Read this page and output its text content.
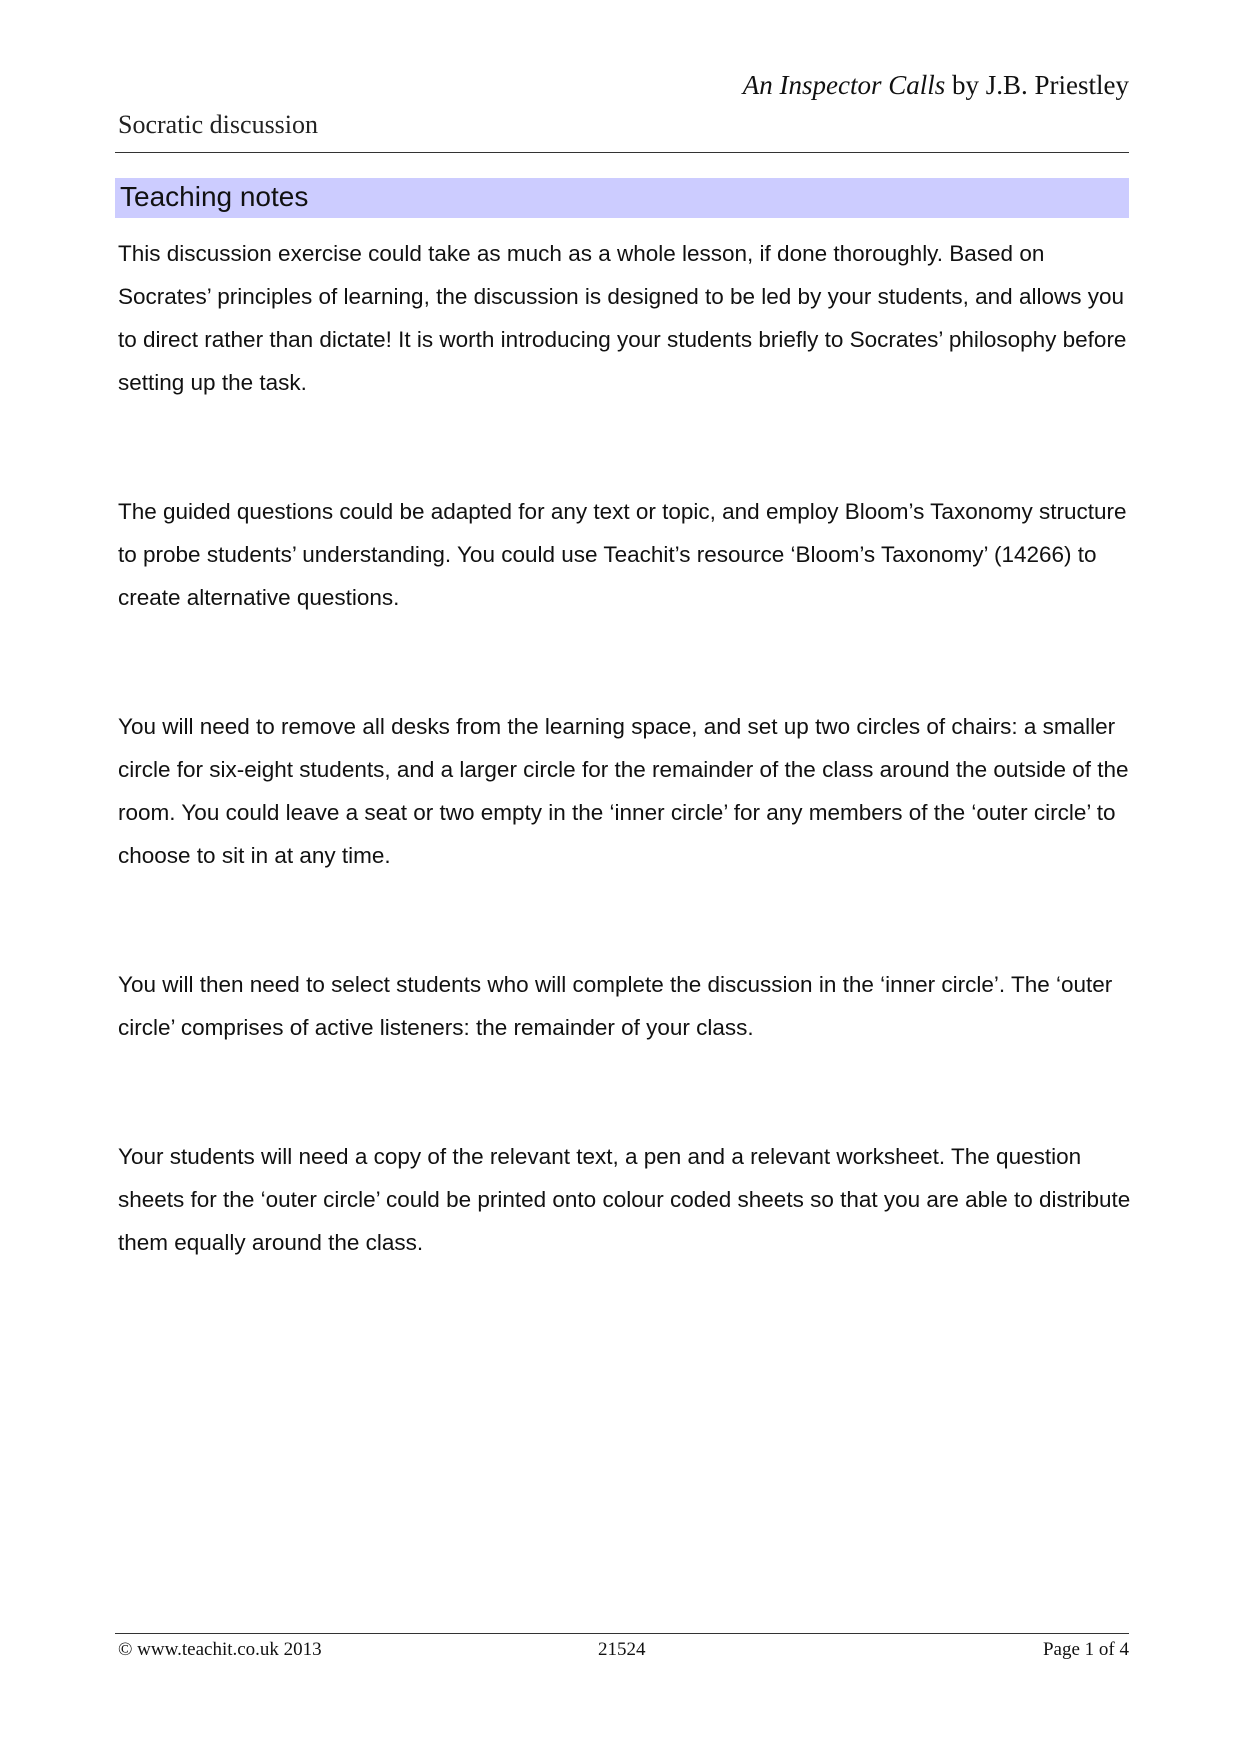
An Inspector Calls by J.B. Priestley
Socratic discussion
Teaching notes

This discussion exercise could take as much as a whole lesson, if done thoroughly. Based on Socrates’ principles of learning, the discussion is designed to be led by your students, and allows you to direct rather than dictate! It is worth introducing your students briefly to Socrates’ philosophy before setting up the task.

The guided questions could be adapted for any text or topic, and employ Bloom’s Taxonomy structure to probe students’ understanding. You could use Teachit’s resource ‘Bloom’s Taxonomy’ (14266) to create alternative questions.

You will need to remove all desks from the learning space, and set up two circles of chairs: a smaller circle for six-eight students, and a larger circle for the remainder of the class around the outside of the room. You could leave a seat or two empty in the ‘inner circle’ for any members of the ‘outer circle’ to choose to sit in at any time.

You will then need to select students who will complete the discussion in the ‘inner circle’. The ‘outer circle’ comprises of active listeners: the remainder of your class.

Your students will need a copy of the relevant text, a pen and a relevant worksheet. The question sheets for the ‘outer circle’ could be printed onto colour coded sheets so that you are able to distribute them equally around the class.

© www.teachit.co.uk 2013	21524	Page 1 of 4
